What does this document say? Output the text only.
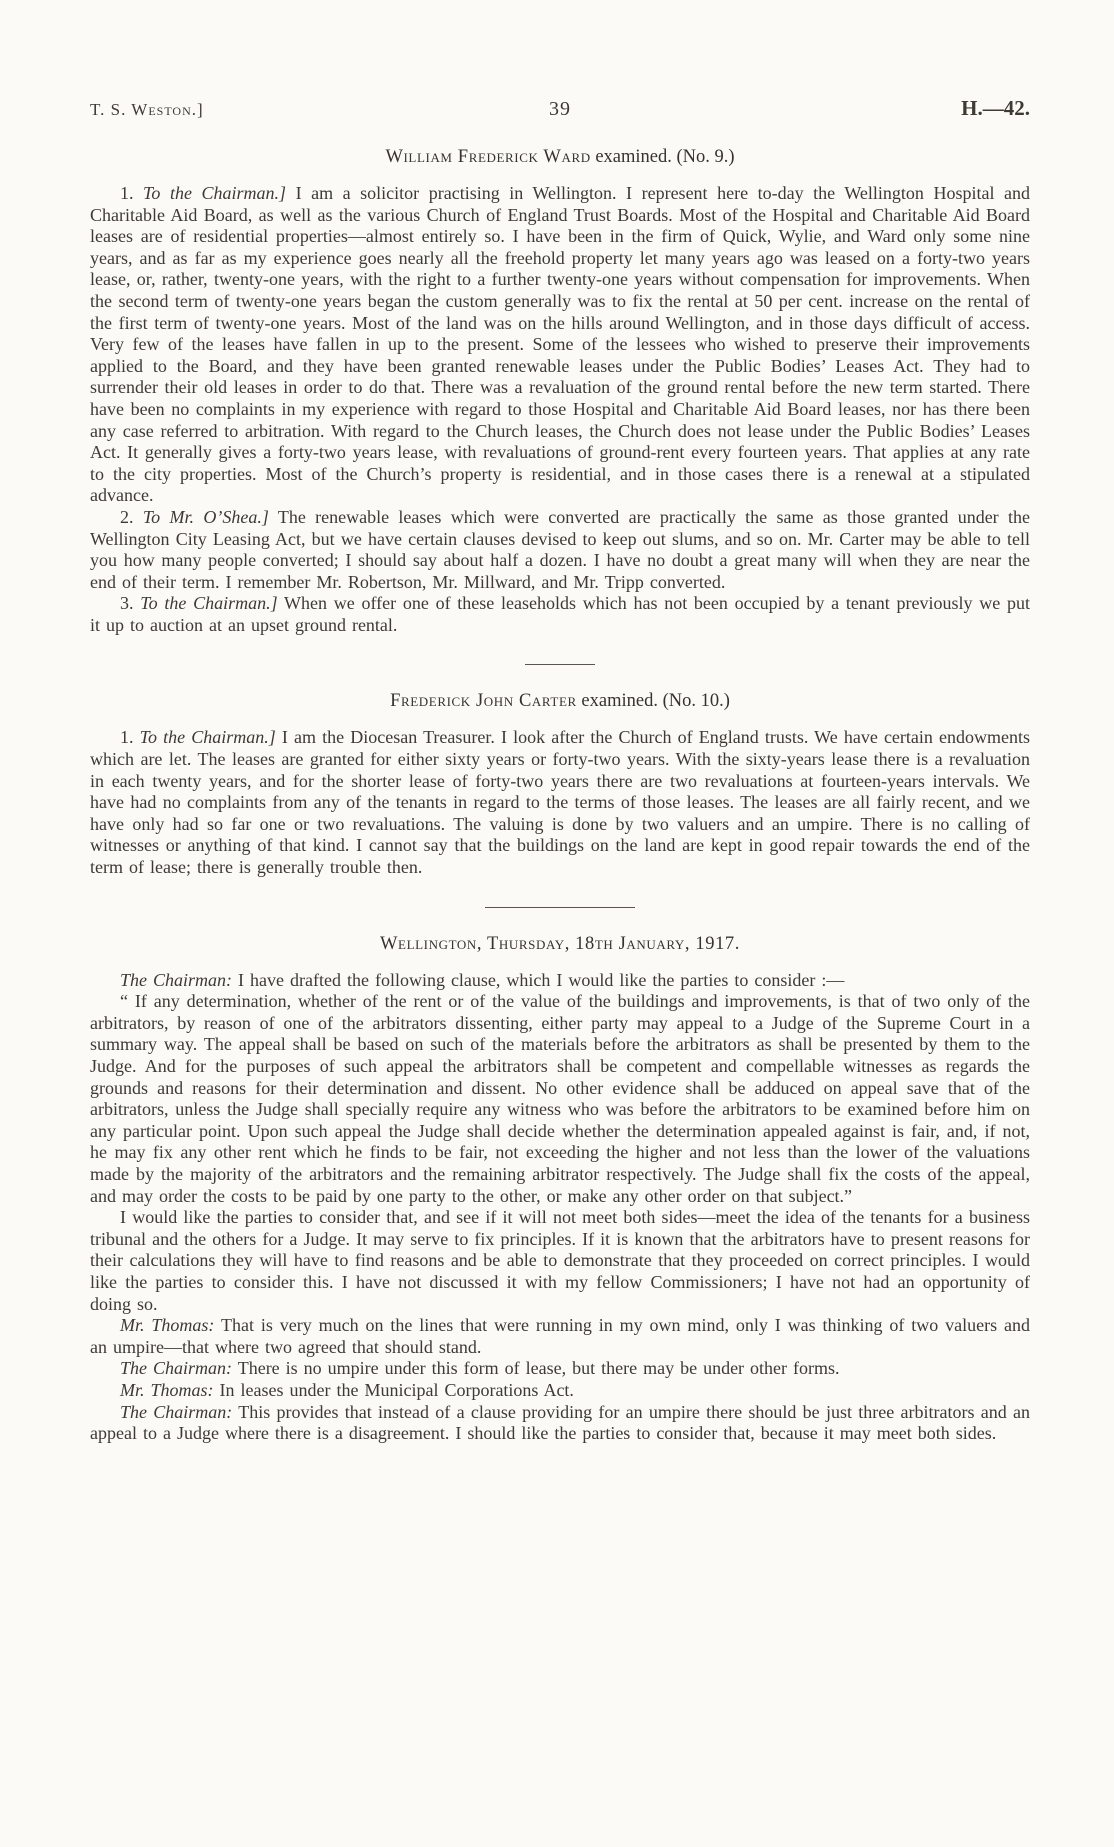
T. S. Weston.]	39	H.—42.
William Frederick Ward examined. (No. 9.)

1. To the Chairman.] I am a solicitor practising in Wellington. I represent here to-day the Wellington Hospital and Charitable Aid Board, as well as the various Church of England Trust Boards. Most of the Hospital and Charitable Aid Board leases are of residential properties—almost entirely so. I have been in the firm of Quick, Wylie, and Ward only some nine years, and as far as my experience goes nearly all the freehold property let many years ago was leased on a forty-two years lease, or, rather, twenty-one years, with the right to a further twenty-one years without compensation for improvements. When the second term of twenty-one years began the custom generally was to fix the rental at 50 per cent. increase on the rental of the first term of twenty-one years. Most of the land was on the hills around Wellington, and in those days difficult of access. Very few of the leases have fallen in up to the present. Some of the lessees who wished to preserve their improvements applied to the Board, and they have been granted renewable leases under the Public Bodies’ Leases Act. They had to surrender their old leases in order to do that. There was a revaluation of the ground rental before the new term started. There have been no complaints in my experience with regard to those Hospital and Charitable Aid Board leases, nor has there been any case referred to arbitration. With regard to the Church leases, the Church does not lease under the Public Bodies’ Leases Act. It generally gives a forty-two years lease, with revaluations of ground-rent every fourteen years. That applies at any rate to the city properties. Most of the Church’s property is residential, and in those cases there is a renewal at a stipulated advance.

2. To Mr. O’Shea.] The renewable leases which were converted are practically the same as those granted under the Wellington City Leasing Act, but we have certain clauses devised to keep out slums, and so on. Mr. Carter may be able to tell you how many people converted; I should say about half a dozen. I have no doubt a great many will when they are near the end of their term. I remember Mr. Robertson, Mr. Millward, and Mr. Tripp converted.

3. To the Chairman.] When we offer one of these leaseholds which has not been occupied by a tenant previously we put it up to auction at an upset ground rental.

Frederick John Carter examined. (No. 10.)

1. To the Chairman.] I am the Diocesan Treasurer. I look after the Church of England trusts. We have certain endowments which are let. The leases are granted for either sixty years or forty-two years. With the sixty-years lease there is a revaluation in each twenty years, and for the shorter lease of forty-two years there are two revaluations at fourteen-years intervals. We have had no complaints from any of the tenants in regard to the terms of those leases. The leases are all fairly recent, and we have only had so far one or two revaluations. The valuing is done by two valuers and an umpire. There is no calling of witnesses or anything of that kind. I cannot say that the buildings on the land are kept in good repair towards the end of the term of lease; there is generally trouble then.

Wellington, Thursday, 18th January, 1917.

The Chairman: I have drafted the following clause, which I would like the parties to consider :—

“ If any determination, whether of the rent or of the value of the buildings and improvements, is that of two only of the arbitrators, by reason of one of the arbitrators dissenting, either party may appeal to a Judge of the Supreme Court in a summary way. The appeal shall be based on such of the materials before the arbitrators as shall be presented by them to the Judge. And for the purposes of such appeal the arbitrators shall be competent and compellable witnesses as regards the grounds and reasons for their determination and dissent. No other evidence shall be adduced on appeal save that of the arbitrators, unless the Judge shall specially require any witness who was before the arbitrators to be examined before him on any particular point. Upon such appeal the Judge shall decide whether the determination appealed against is fair, and, if not, he may fix any other rent which he finds to be fair, not exceeding the higher and not less than the lower of the valuations made by the majority of the arbitrators and the remaining arbitrator respectively. The Judge shall fix the costs of the appeal, and may order the costs to be paid by one party to the other, or make any other order on that subject.”

I would like the parties to consider that, and see if it will not meet both sides—meet the idea of the tenants for a business tribunal and the others for a Judge. It may serve to fix principles. If it is known that the arbitrators have to present reasons for their calculations they will have to find reasons and be able to demonstrate that they proceeded on correct principles. I would like the parties to consider this. I have not discussed it with my fellow Commissioners; I have not had an opportunity of doing so.

Mr. Thomas: That is very much on the lines that were running in my own mind, only I was thinking of two valuers and an umpire—that where two agreed that should stand.

The Chairman: There is no umpire under this form of lease, but there may be under other forms.

Mr. Thomas: In leases under the Municipal Corporations Act.

The Chairman: This provides that instead of a clause providing for an umpire there should be just three arbitrators and an appeal to a Judge where there is a disagreement. I should like the parties to consider that, because it may meet both sides.
